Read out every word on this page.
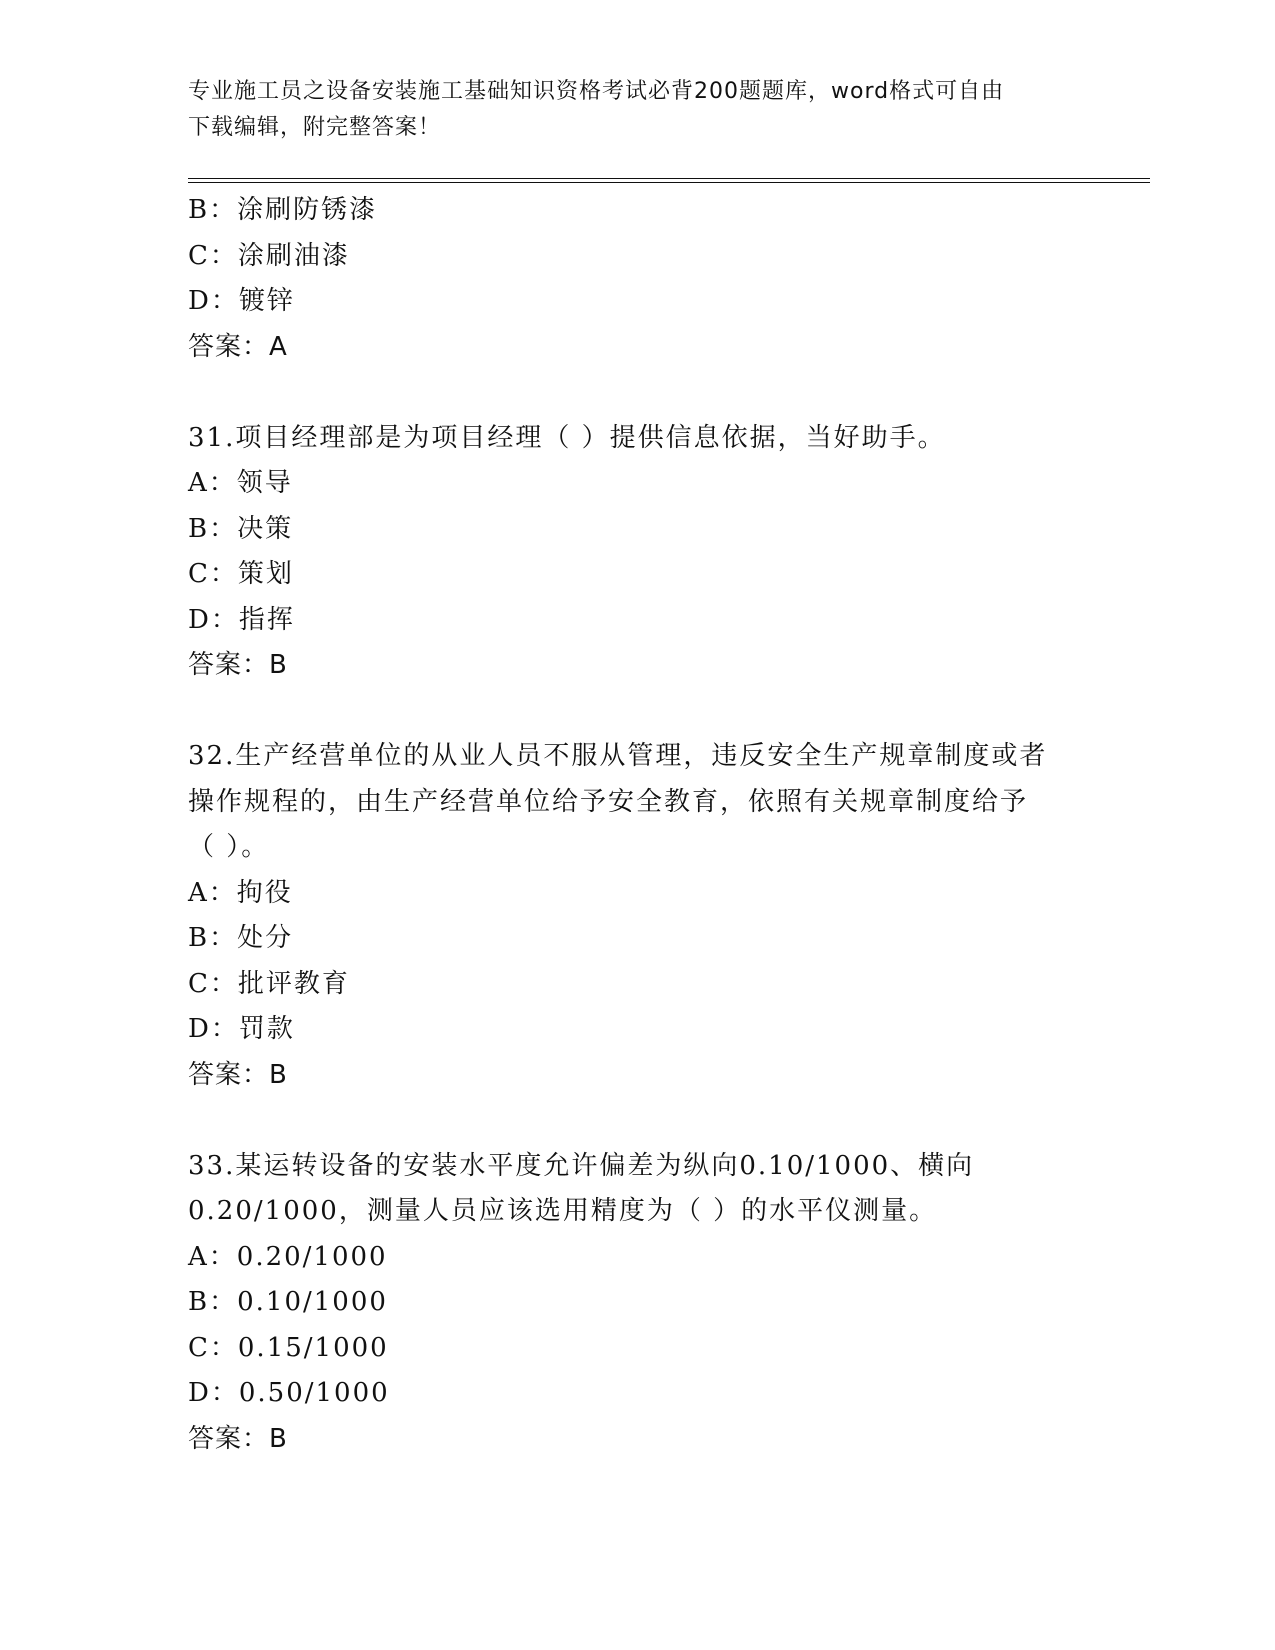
专业施工员之设备安装施工基础知识资格考试必背200题题库，word格式可自由
下载编辑，附完整答案！
B：涂刷防锈漆
C：涂刷油漆
D：镀锌
答案：A
31.项目经理部是为项目经理（ ）提供信息依据，当好助手。
A：领导
B：决策
C：策划
D：指挥
答案：B
32.生产经营单位的从业人员不服从管理，违反安全生产规章制度或者
操作规程的，由生产经营单位给予安全教育，依照有关规章制度给予
（ ）。
A：拘役
B：处分
C：批评教育
D：罚款
答案：B
33.某运转设备的安装水平度允许偏差为纵向0.10/1000、横向
0.20/1000，测量人员应该选用精度为（ ）的水平仪测量。
A：0.20/1000
B：0.10/1000
C：0.15/1000
D：0.50/1000
答案：B
